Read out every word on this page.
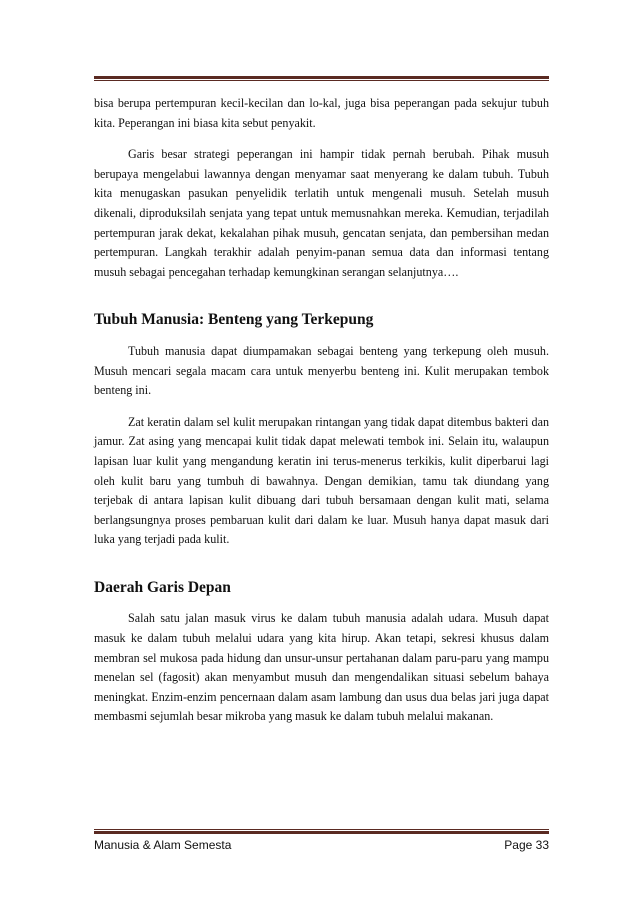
bisa berupa pertempuran kecil-kecilan dan lo-kal, juga bisa peperangan pada sekujur tubuh kita. Peperangan ini biasa kita sebut penyakit.

Garis besar strategi peperangan ini hampir tidak pernah berubah. Pihak musuh berupaya mengelabui lawannya dengan menyamar saat menyerang ke dalam tubuh. Tubuh kita menugaskan pasukan penyelidik terlatih untuk mengenali musuh. Setelah musuh dikenali, diproduksilah senjata yang tepat untuk memusnahkan mereka. Kemudian, terjadilah pertempuran jarak dekat, kekalahan pihak musuh, gencatan senjata, dan pembersihan medan pertempuran. Langkah terakhir adalah penyim-panan semua data dan informasi tentang musuh sebagai pencegahan terhadap kemungkinan serangan selanjutnya….

Tubuh Manusia: Benteng yang Terkepung

Tubuh manusia dapat diumpamakan sebagai benteng yang terkepung oleh musuh. Musuh mencari segala macam cara untuk menyerbu benteng ini. Kulit merupakan tembok benteng ini.

Zat keratin dalam sel kulit merupakan rintangan yang tidak dapat ditembus bakteri dan jamur. Zat asing yang mencapai kulit tidak dapat melewati tembok ini. Selain itu, walaupun lapisan luar kulit yang mengandung keratin ini terus-menerus terkikis, kulit diperbarui lagi oleh kulit baru yang tumbuh di bawahnya. Dengan demikian, tamu tak diundang yang terjebak di antara lapisan kulit dibuang dari tubuh bersamaan dengan kulit mati, selama berlangsungnya proses pembaruan kulit dari dalam ke luar. Musuh hanya dapat masuk dari luka yang terjadi pada kulit.

Daerah Garis Depan

Salah satu jalan masuk virus ke dalam tubuh manusia adalah udara. Musuh dapat masuk ke dalam tubuh melalui udara yang kita hirup. Akan tetapi, sekresi khusus dalam membran sel mukosa pada hidung dan unsur-unsur pertahanan dalam paru-paru yang mampu menelan sel (fagosit) akan menyambut musuh dan mengendalikan situasi sebelum bahaya meningkat. Enzim-enzim pencernaan dalam asam lambung dan usus dua belas jari juga dapat membasmi sejumlah besar mikroba yang masuk ke dalam tubuh melalui makanan.

Manusia & Alam Semesta	Page 33
